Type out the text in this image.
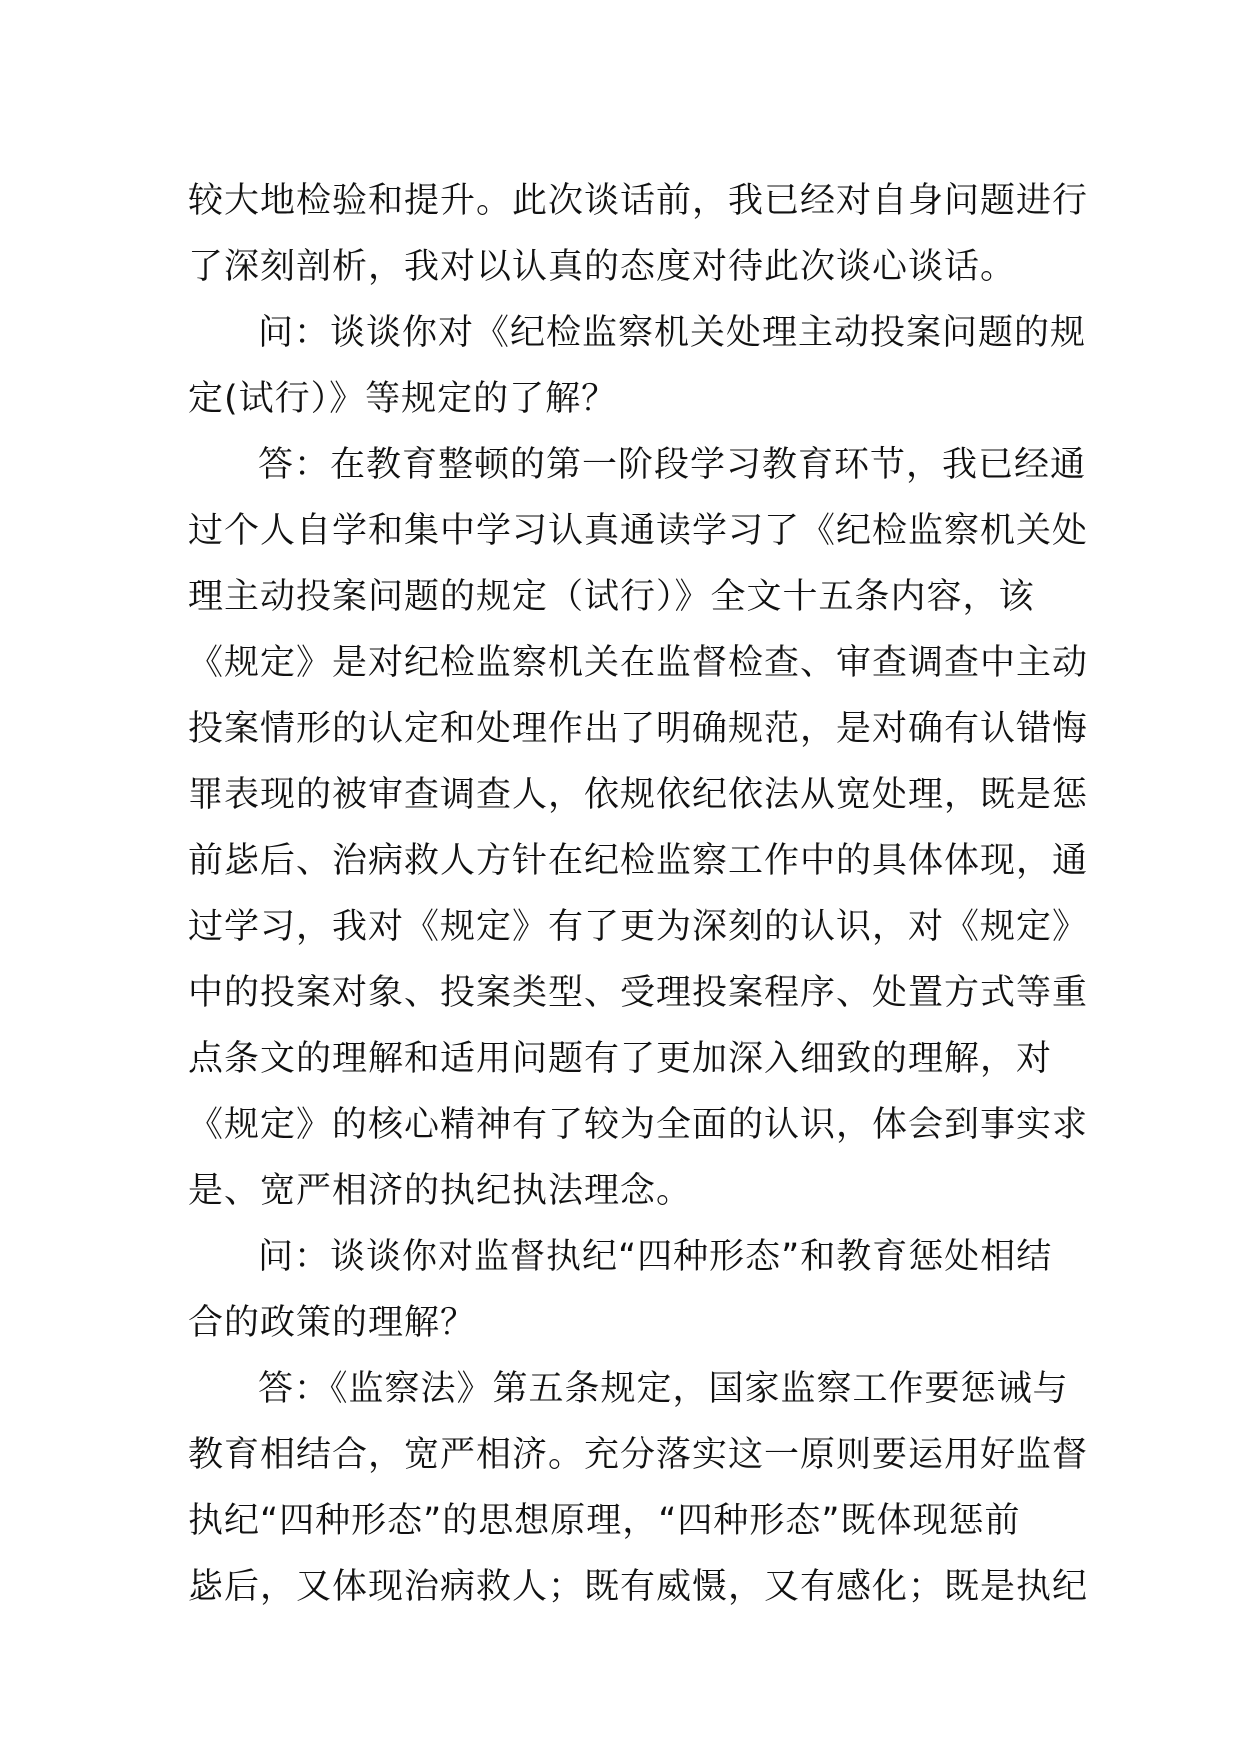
较大地检验和提升。此次谈话前，我已经对自身问题进行
了深刻剖析，我对以认真的态度对待此次谈心谈话。
问：谈谈你对《纪检监察机关处理主动投案问题的规
定(试行）》等规定的了解？
答：在教育整顿的第一阶段学习教育环节，我已经通
过个人自学和集中学习认真通读学习了《纪检监察机关处
理主动投案问题的规定（试行）》全文十五条内容，该
《规定》是对纪检监察机关在监督检查、审查调查中主动
投案情形的认定和处理作出了明确规范，是对确有认错悔
罪表现的被审查调查人，依规依纪依法从宽处理，既是惩
前毖后、治病救人方针在纪检监察工作中的具体体现，通
过学习，我对《规定》有了更为深刻的认识，对《规定》
中的投案对象、投案类型、受理投案程序、处置方式等重
点条文的理解和适用问题有了更加深入细致的理解，对
《规定》的核心精神有了较为全面的认识，体会到事实求
是、宽严相济的执纪执法理念。
问：谈谈你对监督执纪“四种形态”和教育惩处相结
合的政策的理解？
答：《监察法》第五条规定，国家监察工作要惩诫与
教育相结合，宽严相济。充分落实这一原则要运用好监督
执纪“四种形态”的思想原理，“四种形态”既体现惩前
毖后，又体现治病救人；既有威慑，又有感化；既是执纪
